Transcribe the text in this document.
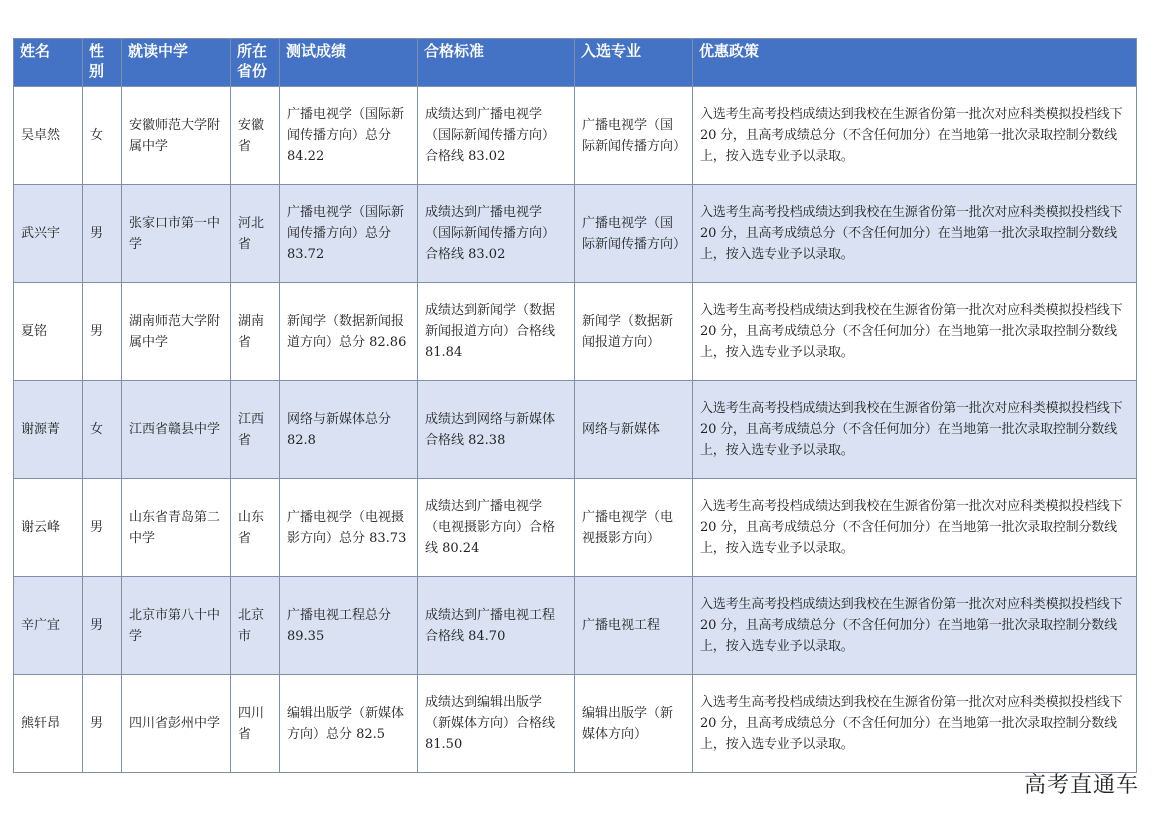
姓名	性别	就读中学	所在省份	测试成绩	合格标准	入选专业	优惠政策
吴卓然	女	安徽师范大学附属中学	安徽省	广播电视学（国际新闻传播方向）总分 84.22	成绩达到广播电视学（国际新闻传播方向）合格线 83.02	广播电视学（国际新闻传播方向）	入选考生高考投档成绩达到我校在生源省份第一批次对应科类模拟投档线下 20 分，且高考成绩总分（不含任何加分）在当地第一批次录取控制分数线上，按入选专业予以录取。
武兴宇	男	张家口市第一中学	河北省	广播电视学（国际新闻传播方向）总分 83.72	成绩达到广播电视学（国际新闻传播方向）合格线 83.02	广播电视学（国际新闻传播方向）	入选考生高考投档成绩达到我校在生源省份第一批次对应科类模拟投档线下 20 分，且高考成绩总分（不含任何加分）在当地第一批次录取控制分数线上，按入选专业予以录取。
夏铭	男	湖南师范大学附属中学	湖南省	新闻学（数据新闻报道方向）总分 82.86	成绩达到新闻学（数据新闻报道方向）合格线 81.84	新闻学（数据新闻报道方向）	入选考生高考投档成绩达到我校在生源省份第一批次对应科类模拟投档线下 20 分，且高考成绩总分（不含任何加分）在当地第一批次录取控制分数线上，按入选专业予以录取。
谢源菁	女	江西省赣县中学	江西省	网络与新媒体总分 82.8	成绩达到网络与新媒体合格线 82.38	网络与新媒体	入选考生高考投档成绩达到我校在生源省份第一批次对应科类模拟投档线下 20 分，且高考成绩总分（不含任何加分）在当地第一批次录取控制分数线上，按入选专业予以录取。
谢云峰	男	山东省青岛第二中学	山东省	广播电视学（电视摄影方向）总分 83.73	成绩达到广播电视学（电视摄影方向）合格线 80.24	广播电视学（电视摄影方向）	入选考生高考投档成绩达到我校在生源省份第一批次对应科类模拟投档线下 20 分，且高考成绩总分（不含任何加分）在当地第一批次录取控制分数线上，按入选专业予以录取。
辛广宜	男	北京市第八十中学	北京市	广播电视工程总分 89.35	成绩达到广播电视工程合格线 84.70	广播电视工程	入选考生高考投档成绩达到我校在生源省份第一批次对应科类模拟投档线下 20 分，且高考成绩总分（不含任何加分）在当地第一批次录取控制分数线上，按入选专业予以录取。
熊轩昂	男	四川省彭州中学	四川省	编辑出版学（新媒体方向）总分 82.5	成绩达到编辑出版学（新媒体方向）合格线 81.50	编辑出版学（新媒体方向）	入选考生高考投档成绩达到我校在生源省份第一批次对应科类模拟投档线下 20 分，且高考成绩总分（不含任何加分）在当地第一批次录取控制分数线上，按入选专业予以录取。
高考直通车
